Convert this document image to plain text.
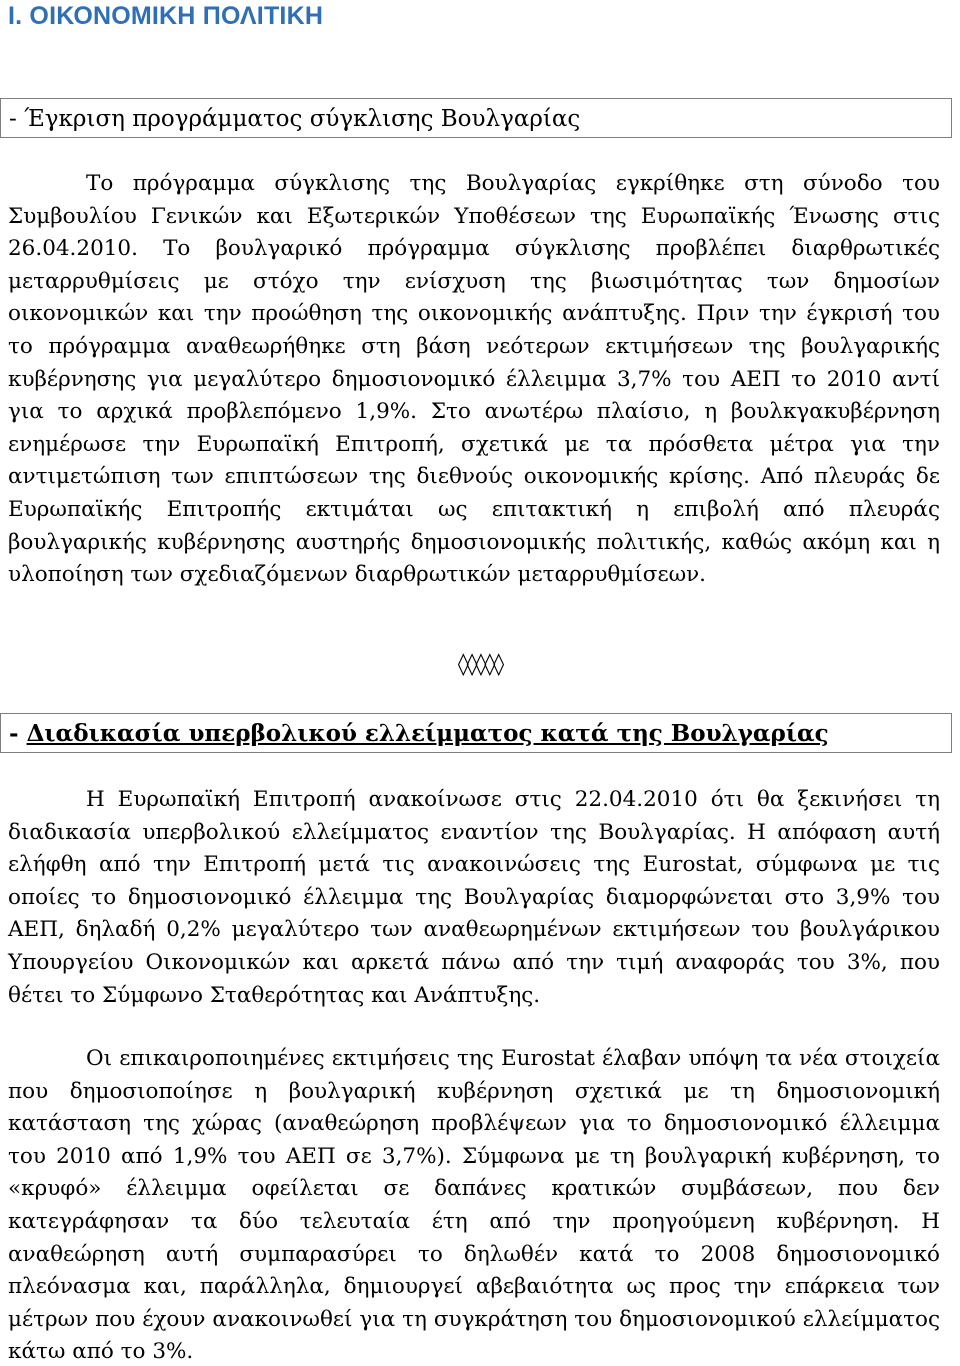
I. ΟΙΚΟΝΟΜΙΚΗ ΠΟΛΙΤΙΚΗ
- Έγκριση προγράμματος σύγκλισης Βουλγαρίας

Το πρόγραμμα σύγκλισης της Βουλγαρίας εγκρίθηκε στη σύνοδο του Συμβουλίου Γενικών και Εξωτερικών Υποθέσεων της Ευρωπαϊκής Ένωσης στις 26.04.2010. Το βουλγαρικό πρόγραμμα σύγκλισης προβλέπει διαρθρωτικές μεταρρυθμίσεις με στόχο την ενίσχυση της βιωσιμότητας των δημοσίων οικονομικών και την προώθηση της οικονομικής ανάπτυξης. Πριν την έγκρισή του το πρόγραμμα αναθεωρήθηκε στη βάση νεότερων εκτιμήσεων της βουλγαρικής κυβέρνησης για μεγαλύτερο δημοσιονομικό έλλειμμα 3,7% του ΑΕΠ το 2010 αντί για το αρχικά προβλεπόμενο 1,9%. Στο ανωτέρω πλαίσιο, η βουλκγακυβέρνηση ενημέρωσε την Ευρωπαϊκή Επιτροπή, σχετικά με τα πρόσθετα μέτρα για την αντιμετώπιση των επιπτώσεων της διεθνούς οικονομικής κρίσης. Από πλευράς δε Ευρωπαϊκής Επιτροπής εκτιμάται ως επιτακτική η επιβολή από πλευράς βουλγαρικής κυβέρνησης αυστηρής δημοσιονομικής πολιτικής, καθώς ακόμη και η υλοποίηση των σχεδιαζόμενων διαρθρωτικών μεταρρυθμίσεων.

◊◊◊◊◊
- Διαδικασία υπερβολικού ελλείμματος κατά της Βουλγαρίας

Η Ευρωπαϊκή Επιτροπή ανακοίνωσε στις 22.04.2010 ότι θα ξεκινήσει τη διαδικασία υπερβολικού ελλείμματος εναντίον της Βουλγαρίας. Η απόφαση αυτή ελήφθη από την Επιτροπή μετά τις ανακοινώσεις της Eurostat, σύμφωνα με τις οποίες το δημοσιονομικό έλλειμμα της Βουλγαρίας διαμορφώνεται στο 3,9% του ΑΕΠ, δηλαδή 0,2% μεγαλύτερο των αναθεωρημένων εκτιμήσεων του βουλγάρικου Υπουργείου Οικονομικών και αρκετά πάνω από την τιμή αναφοράς του 3%, που θέτει το Σύμφωνο Σταθερότητας και Ανάπτυξης.

Οι επικαιροποιημένες εκτιμήσεις της Eurostat έλαβαν υπόψη τα νέα στοιχεία που δημοσιοποίησε η βουλγαρική κυβέρνηση σχετικά με τη δημοσιονομική κατάσταση της χώρας (αναθεώρηση προβλέψεων για το δημοσιονομικό έλλειμμα του 2010 από 1,9% του ΑΕΠ σε 3,7%). Σύμφωνα με τη βουλγαρική κυβέρνηση, το «κρυφό» έλλειμμα οφείλεται σε δαπάνες κρατικών συμβάσεων, που δεν κατεγράφησαν τα δύο τελευταία έτη από την προηγούμενη κυβέρνηση. Η αναθεώρηση αυτή συμπαρασύρει το δηλωθέν κατά το 2008 δημοσιονομικό πλεόνασμα και, παράλληλα, δημιουργεί αβεβαιότητα ως προς την επάρκεια των μέτρων που έχουν ανακοινωθεί για τη συγκράτηση του δημοσιονομικού ελλείμματος κάτω από το 3%.
